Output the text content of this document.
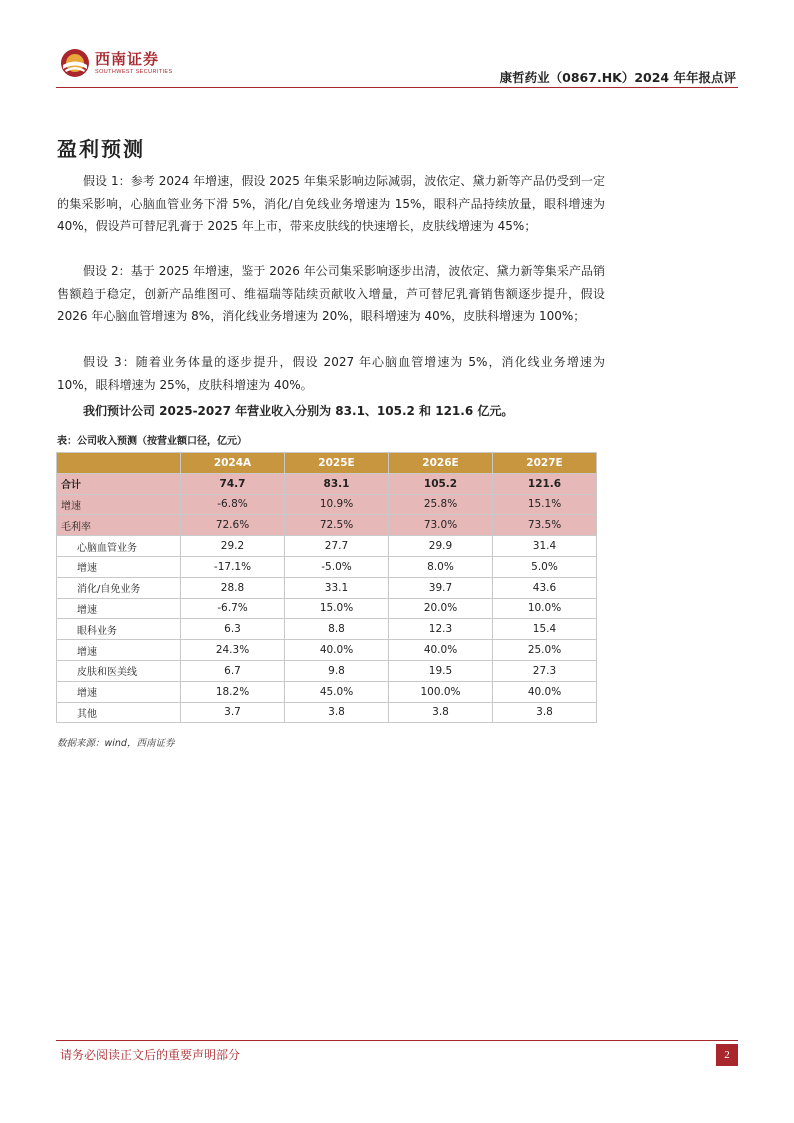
西南证券
SOUTHWEST SECURITIES	康哲药业（0867.HK）2024 年年报点评
盈利预测

假设 1：参考 2024 年增速，假设 2025 年集采影响边际减弱，波依定、黛力新等产品仍受到一定的集采影响，心脑血管业务下滑 5%，消化/自免线业务增速为 15%，眼科产品持续放量，眼科增速为 40%，假设芦可替尼乳膏于 2025 年上市，带来皮肤线的快速增长，皮肤线增速为 45%；

假设 2：基于 2025 年增速，鉴于 2026 年公司集采影响逐步出清，波依定、黛力新等集采产品销售额趋于稳定，创新产品维图可、维福瑞等陆续贡献收入增量，芦可替尼乳膏销售额逐步提升，假设 2026 年心脑血管增速为 8%，消化线业务增速为 20%，眼科增速为 40%，皮肤科增速为 100%；

假设 3：随着业务体量的逐步提升，假设 2027 年心脑血管增速为 5%，消化线业务增速为 10%，眼科增速为 25%，皮肤科增速为 40%。

我们预计公司 2025-2027 年营业收入分别为 83.1、105.2 和 121.6 亿元。

表：公司收入预测（按营业额口径，亿元）
	2024A	2025E	2026E	2027E
合计	74.7	83.1	105.2	121.6
增速	-6.8%	10.9%	25.8%	15.1%
毛利率	72.6%	72.5%	73.0%	73.5%
心脑血管业务	29.2	27.7	29.9	31.4
增速	-17.1%	-5.0%	8.0%	5.0%
消化/自免业务	28.8	33.1	39.7	43.6
增速	-6.7%	15.0%	20.0%	10.0%
眼科业务	6.3	8.8	12.3	15.4
增速	24.3%	40.0%	40.0%	25.0%
皮肤和医美线	6.7	9.8	19.5	27.3
增速	18.2%	45.0%	100.0%	40.0%
其他	3.7	3.8	3.8	3.8
数据来源：wind，西南证券
请务必阅读正文后的重要声明部分	2
